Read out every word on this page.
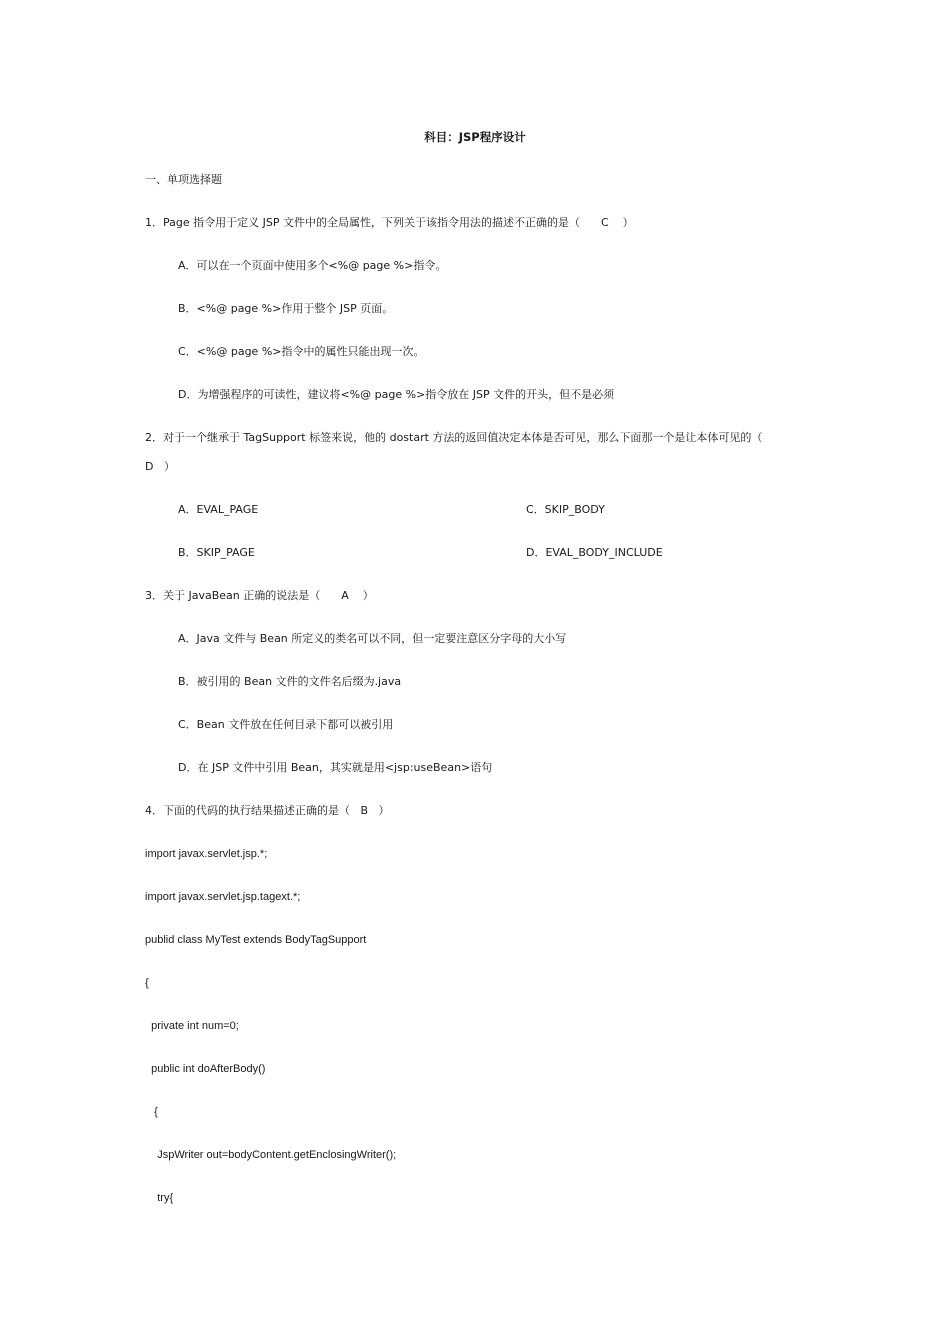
科目：JSP程序设计
一、单项选择题
1．Page 指令用于定义 JSP 文件中的全局属性，下列关于该指令用法的描述不正确的是（      C    ）
A．可以在一个页面中使用多个<%@ page %>指令。
B．<%@ page %>作用于整个 JSP 页面。
C．<%@ page %>指令中的属性只能出现一次。
D．为增强程序的可读性，建议将<%@ page %>指令放在 JSP 文件的开头，但不是必须
2．对于一个继承于 TagSupport 标签来说，他的 dostart 方法的返回值决定本体是否可见，那么下面那一个是让本体可见的（
D   ）
A．EVAL_PAGE	C．SKIP_BODY
B．SKIP_PAGE	D．EVAL_BODY_INCLUDE
3．关于 JavaBean 正确的说法是（      A    ）
A．Java 文件与 Bean 所定义的类名可以不同，但一定要注意区分字母的大小写
B．被引用的 Bean 文件的文件名后缀为.java
C．Bean 文件放在任何目录下都可以被引用
D．在 JSP 文件中引用 Bean，其实就是用<jsp:useBean>语句
4．下面的代码的执行结果描述正确的是（   B   ）
import javax.servlet.jsp.*;
import javax.servlet.jsp.tagext.*;
publid class MyTest extends BodyTagSupport
{
private int num=0;
public int doAfterBody()
{
JspWriter out=bodyContent.getEnclosingWriter();
try{
